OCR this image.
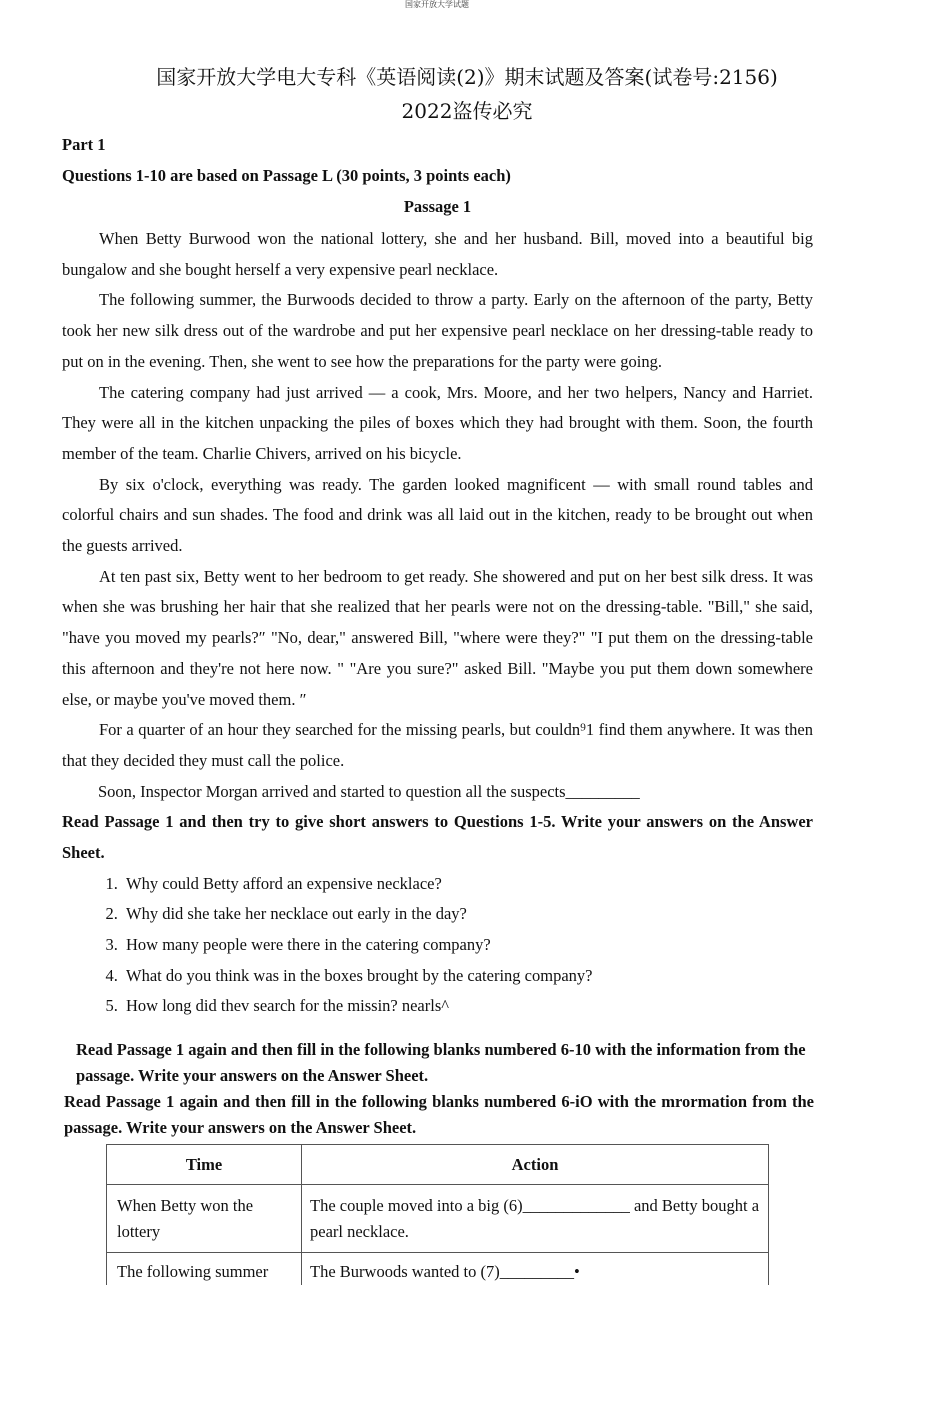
国家开放大学试题
国家开放大学电大专科《英语阅读(2)》期末试题及答案(试卷号:2156)
2022盗传必究

Part 1

Questions 1-10 are based on Passage L (30 points, 3 points each)

Passage 1

When Betty Burwood won the national lottery, she and her husband. Bill, moved into a beautiful big bungalow and she bought herself a very expensive pearl necklace.

The following summer, the Burwoods decided to throw a party. Early on the afternoon of the party, Betty took her new silk dress out of the wardrobe and put her expensive pearl necklace on her dressing-table ready to put on in the evening. Then, she went to see how the preparations for the party were going.

The catering company had just arrived — a cook, Mrs. Moore, and her two helpers, Nancy and Harriet. They were all in the kitchen unpacking the piles of boxes which they had brought with them. Soon, the fourth member of the team. Charlie Chivers, arrived on his bicycle.

By six o'clock, everything was ready. The garden looked magnificent — with small round tables and colorful chairs and sun shades. The food and drink was all laid out in the kitchen, ready to be brought out when the guests arrived.

At ten past six, Betty went to her bedroom to get ready. She showered and put on her best silk dress. It was when she was brushing her hair that she realized that her pearls were not on the dressing-table. "Bill," she said, "have you moved my pearls?″ "No, dear," answered Bill, "where were they?" "I put them on the dressing-table this afternoon and they're not here now. " "Are you sure?" asked Bill. "Maybe you put them down somewhere else, or maybe you've moved them. ″

For a quarter of an hour they searched for the missing pearls, but couldn⁹1 find them anywhere. It was then that they decided they must call the police.

Soon, Inspector Morgan arrived and started to question all the suspects_________

Read Passage 1 and then try to give short answers to Questions 1-5. Write your answers on the Answer Sheet.

1. Why could Betty afford an expensive necklace?
2. Why did she take her necklace out early in the day?
3. How many people were there in the catering company?
4. What do you think was in the boxes brought by the catering company?
5. How long did thev search for the missin? nearls^
Read Passage 1 again and then fill in the following blanks numbered 6-10 with the information from the passage. Write your answers on the Answer Sheet.
Read Passage 1 again and then fill in the following blanks numbered 6-iO with the mrormation from the passage. Write your answers on the Answer Sheet.
Time	Action
When Betty won the lottery	The couple moved into a big (6)_____________ and Betty bought a pearl necklace.
The following summer	The Burwoods wanted to (7)_________•
